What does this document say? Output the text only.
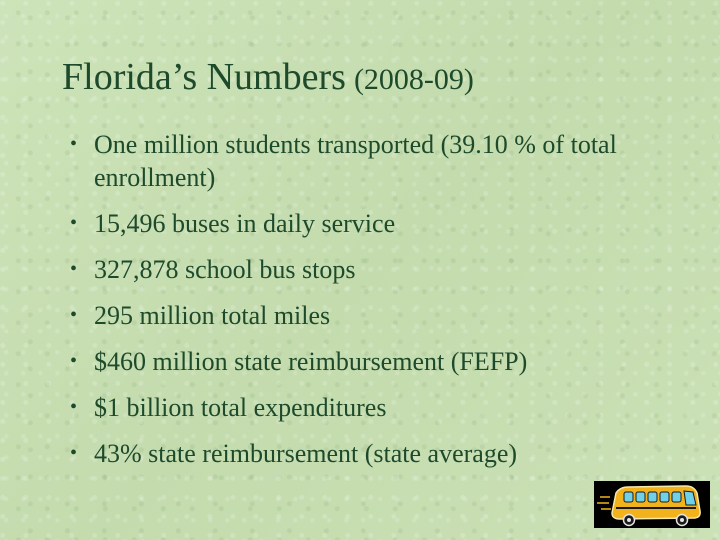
Florida’s Numbers (2008-09)
• One million students transported (39.10 % of total enrollment)
• 15,496 buses in daily service
• 327,878 school bus stops
• 295 million total miles
• $460 million state reimbursement (FEFP)
• $1 billion total expenditures
• 43% state reimbursement (state average)
